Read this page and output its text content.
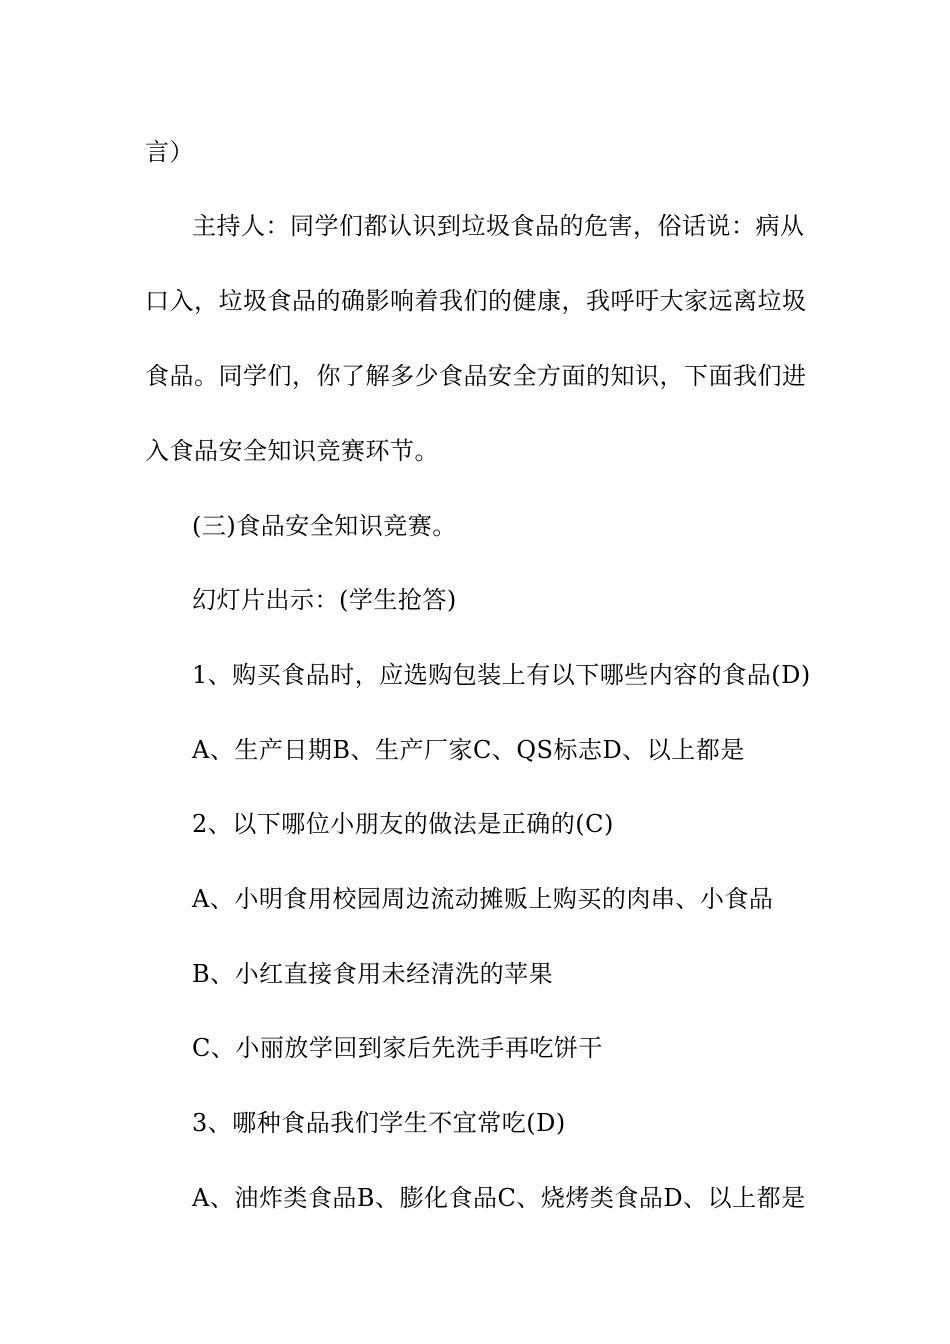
言）
主持人：同学们都认识到垃圾食品的危害，俗话说：病从
口入，垃圾食品的确影响着我们的健康，我呼吁大家远离垃圾
食品。同学们，你了解多少食品安全方面的知识，下面我们进
入食品安全知识竞赛环节。
(三)食品安全知识竞赛。
幻灯片出示：(学生抢答)
1、购买食品时，应选购包装上有以下哪些内容的食品(D)
A、生产日期B、生产厂家C、QS标志D、以上都是
2、以下哪位小朋友的做法是正确的(C)
A、小明食用校园周边流动摊贩上购买的肉串、小食品
B、小红直接食用未经清洗的苹果
C、小丽放学回到家后先洗手再吃饼干
3、哪种食品我们学生不宜常吃(D)
A、油炸类食品B、膨化食品C、烧烤类食品D、以上都是
